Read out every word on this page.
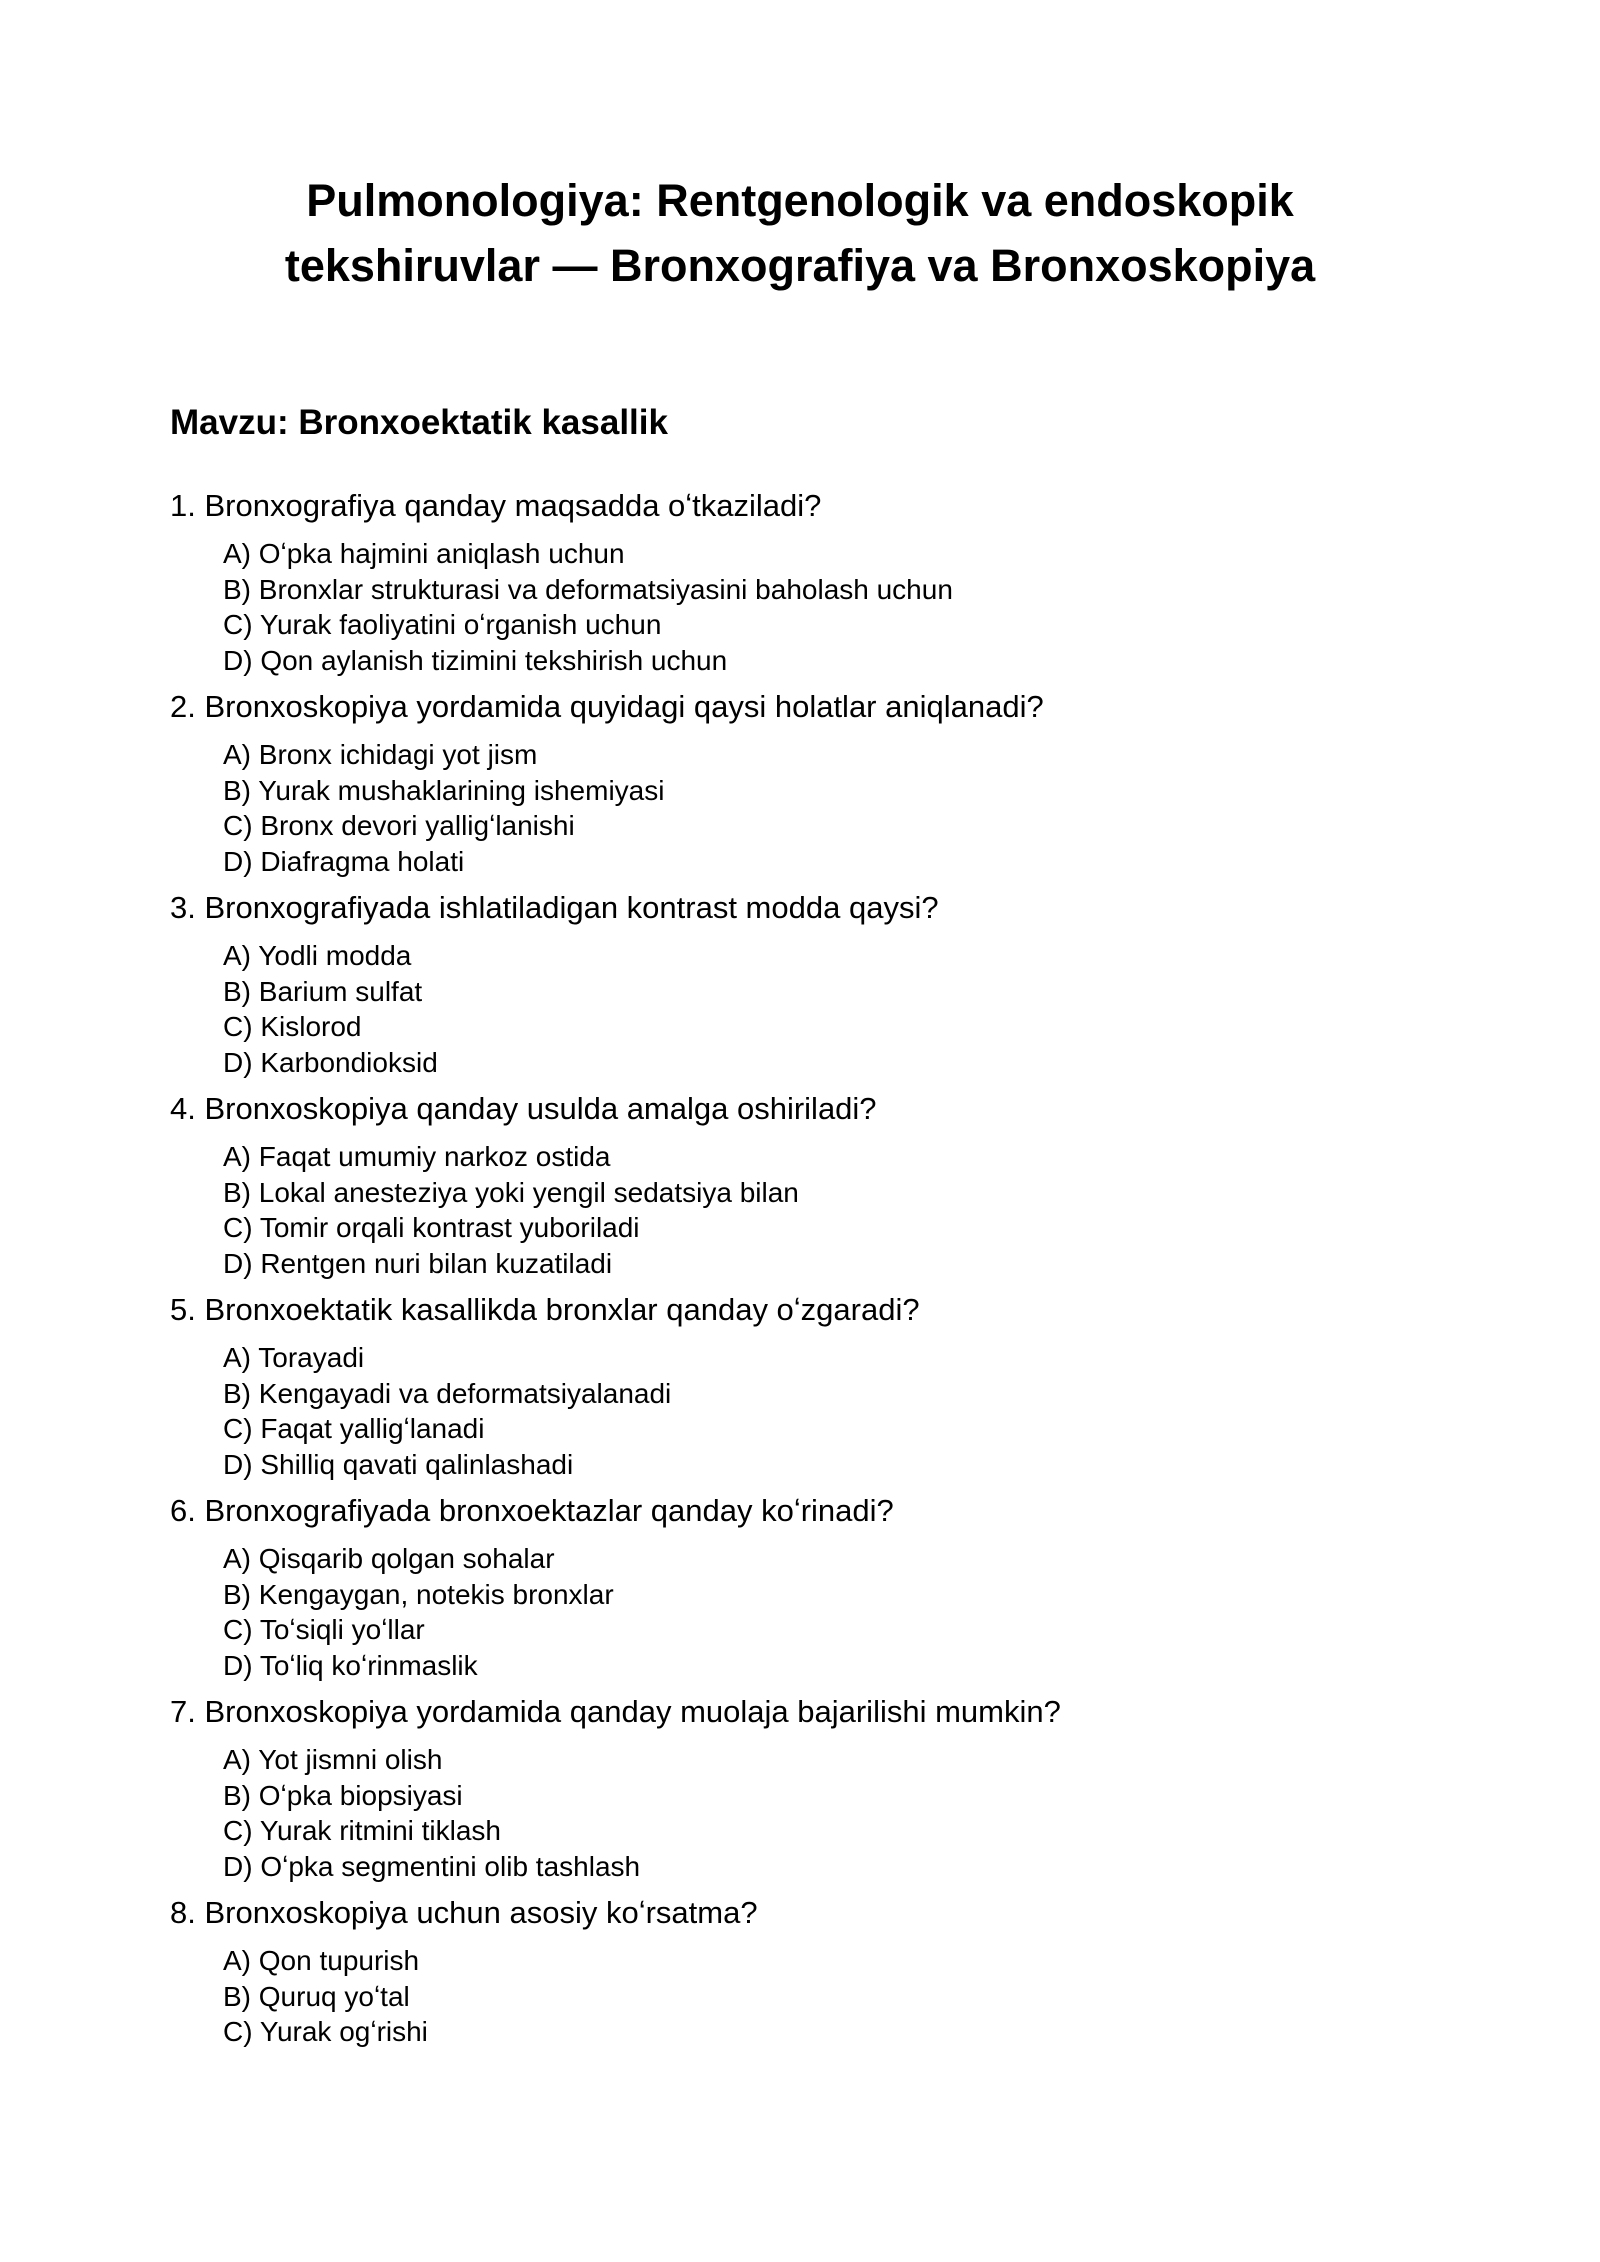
Pulmonologiya: Rentgenologik va endoskopik
tekshiruvlar — Bronxografiya va Bronxoskopiya
Mavzu: Bronxoektatik kasallik
1. Bronxografiya qanday maqsadda oʻtkaziladi?
A) Oʻpka hajmini aniqlash uchun
B) Bronxlar strukturasi va deformatsiyasini baholash uchun
C) Yurak faoliyatini oʻrganish uchun
D) Qon aylanish tizimini tekshirish uchun
2. Bronxoskopiya yordamida quyidagi qaysi holatlar aniqlanadi?
A) Bronx ichidagi yot jism
B) Yurak mushaklarining ishemiyasi
C) Bronx devori yalligʻlanishi
D) Diafragma holati
3. Bronxografiyada ishlatiladigan kontrast modda qaysi?
A) Yodli modda
B) Barium sulfat
C) Kislorod
D) Karbondioksid
4. Bronxoskopiya qanday usulda amalga oshiriladi?
A) Faqat umumiy narkoz ostida
B) Lokal anesteziya yoki yengil sedatsiya bilan
C) Tomir orqali kontrast yuboriladi
D) Rentgen nuri bilan kuzatiladi
5. Bronxoektatik kasallikda bronxlar qanday oʻzgaradi?
A) Torayadi
B) Kengayadi va deformatsiyalanadi
C) Faqat yalligʻlanadi
D) Shilliq qavati qalinlashadi
6. Bronxografiyada bronxoektazlar qanday koʻrinadi?
A) Qisqarib qolgan sohalar
B) Kengaygan, notekis bronxlar
C) Toʻsiqli yoʻllar
D) Toʻliq koʻrinmaslik
7. Bronxoskopiya yordamida qanday muolaja bajarilishi mumkin?
A) Yot jismni olish
B) Oʻpka biopsiyasi
C) Yurak ritmini tiklash
D) Oʻpka segmentini olib tashlash
8. Bronxoskopiya uchun asosiy koʻrsatma?
A) Qon tupurish
B) Quruq yoʻtal
C) Yurak ogʻrishi
